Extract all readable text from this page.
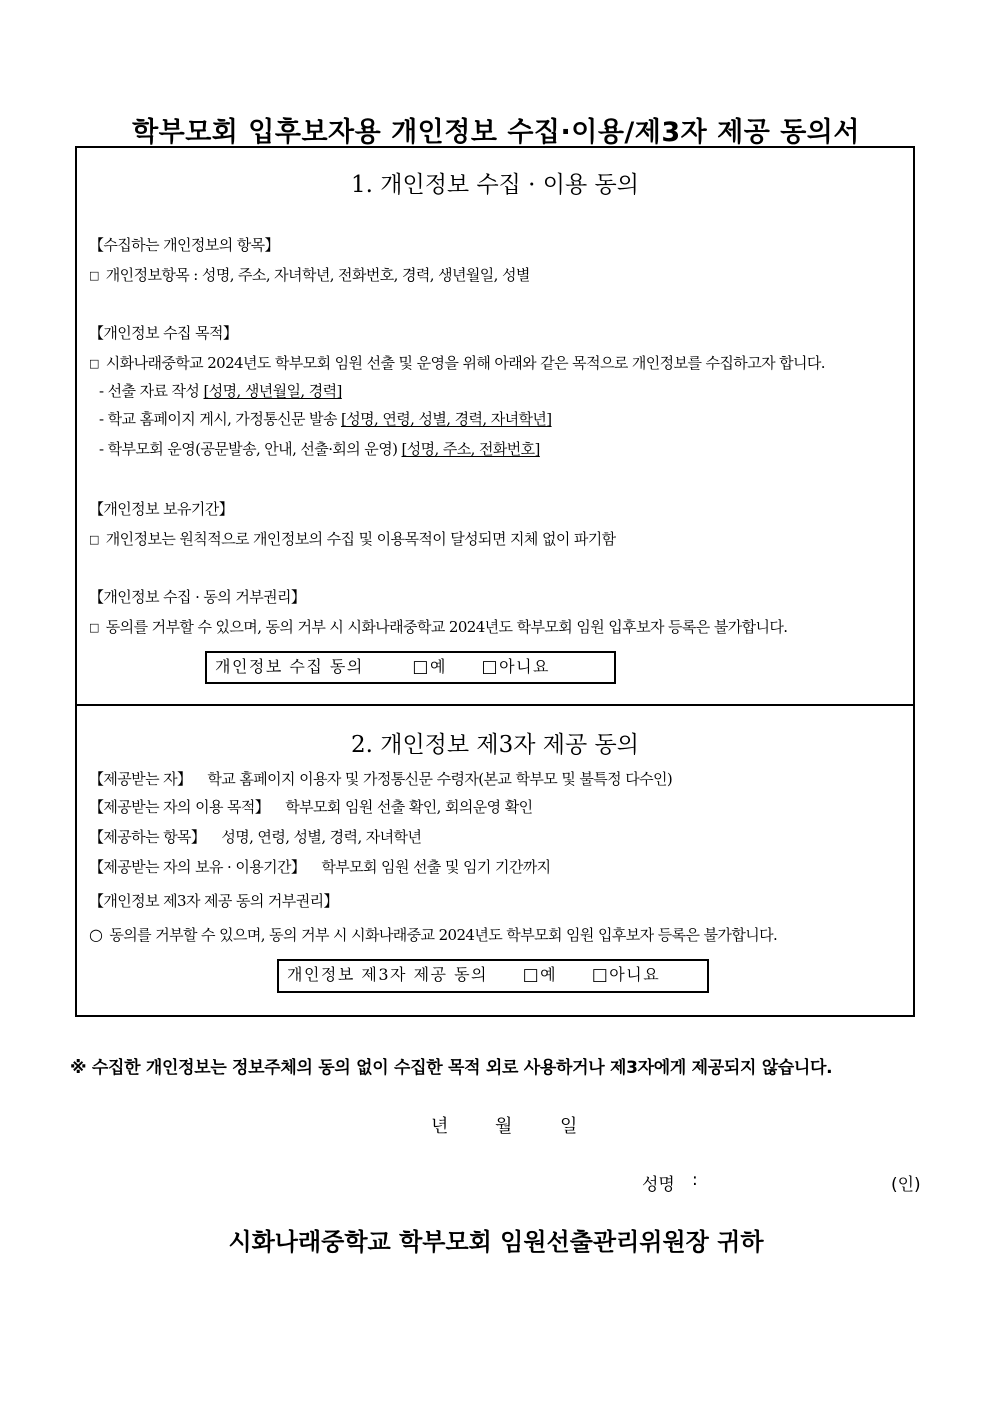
학부모회 입후보자용 개인정보 수집·이용/제3자 제공 동의서
1. 개인정보 수집 · 이용 동의
【수집하는 개인정보의 항목】
□ 개인정보항목 : 성명, 주소, 자녀학년, 전화번호, 경력, 생년월일, 성별
【개인정보 수집 목적】
□ 시화나래중학교 2024년도 학부모회 임원 선출 및 운영을 위해 아래와 같은 목적으로 개인정보를 수집하고자 합니다.
- 선출 자료 작성 [성명, 생년월일, 경력]
- 학교 홈페이지 게시, 가정통신문 발송 [성명, 연령, 성별, 경력, 자녀학년]
- 학부모회 운영(공문발송, 안내, 선출·회의 운영) [성명, 주소, 전화번호]
【개인정보 보유기간】
□ 개인정보는 원칙적으로 개인정보의 수집 및 이용목적이 달성되면 지체 없이 파기함
【개인정보 수집 · 동의 거부권리】
□ 동의를 거부할 수 있으며, 동의 거부 시 시화나래중학교 2024년도 학부모회 임원 입후보자 등록은 불가합니다.
개인정보 수집 동의	□예 □아니요
2. 개인정보 제3자 제공 동의
【제공받는 자】 학교 홈페이지 이용자 및 가정통신문 수령자(본교 학부모 및 불특정 다수인)
【제공받는 자의 이용 목적】 학부모회 임원 선출 확인, 회의운영 확인
【제공하는 항목】 성명, 연령, 성별, 경력, 자녀학년
【제공받는 자의 보유 · 이용기간】 학부모회 임원 선출 및 임기 기간까지
【개인정보 제3자 제공 동의 거부권리】
○ 동의를 거부할 수 있으며, 동의 거부 시 시화나래중교 2024년도 학부모회 임원 입후보자 등록은 불가합니다.
개인정보 제3자 제공 동의 □예 □아니요
※ 수집한 개인정보는 정보주체의 동의 없이 수집한 목적 외로 사용하거나 제3자에게 제공되지 않습니다.
년	월	일
성명 :	(인)
시화나래중학교 학부모회 임원선출관리위원장 귀하
